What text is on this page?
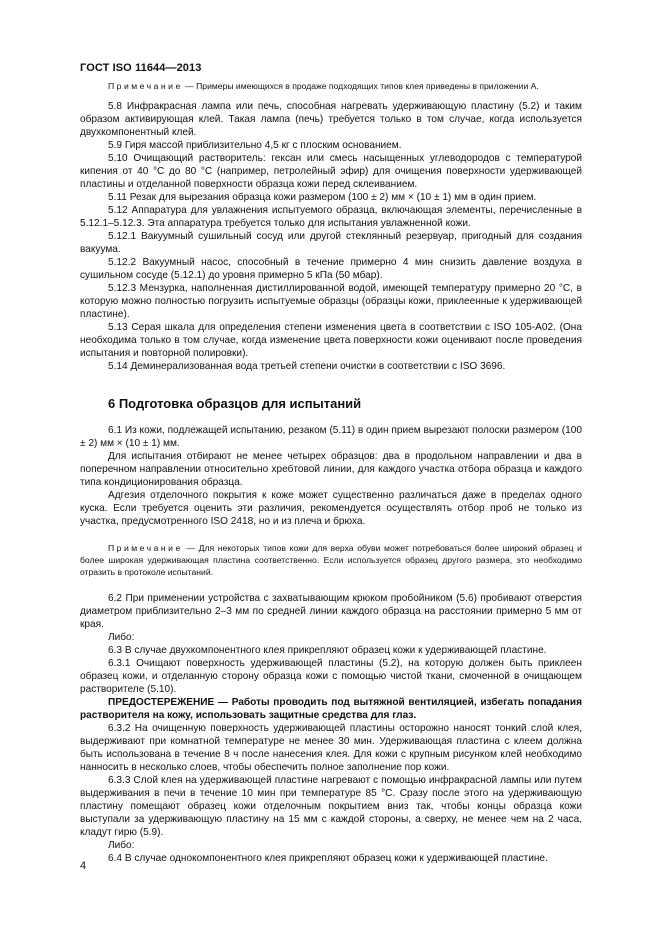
ГОСТ ISO 11644—2013

Примечание — Примеры имеющихся в продаже подходящих типов клея приведены в приложении А.

5.8 Инфракрасная лампа или печь, способная нагревать удерживающую пластину (5.2) и таким образом активирующая клей. Такая лампа (печь) требуется только в том случае, когда используется двухкомпонентный клей.

5.9 Гиря массой приблизительно 4,5 кг с плоским основанием.

5.10 Очищающий растворитель: гексан или смесь насыщенных углеводородов с температурой кипения от 40 °С до 80 °С (например, петролейный эфир) для очищения поверхности удерживающей пластины и отделанной поверхности образца кожи перед склеиванием.

5.11 Резак для вырезания образца кожи размером (100 ± 2) мм × (10 ± 1) мм в один прием.

5.12 Аппаратура для увлажнения испытуемого образца, включающая элементы, перечисленные в 5.12.1–5.12.3. Эта аппаратура требуется только для испытания увлажненной кожи.

5.12.1 Вакуумный сушильный сосуд или другой стеклянный резервуар, пригодный для создания вакуума.

5.12.2 Вакуумный насос, способный в течение примерно 4 мин снизить давление воздуха в сушильном сосуде (5.12.1) до уровня примерно 5 кПа (50 мбар).

5.12.3 Мензурка, наполненная дистиллированной водой, имеющей температуру примерно 20 °С, в которую можно полностью погрузить испытуемые образцы (образцы кожи, приклеенные к удерживающей пластине).

5.13 Серая шкала для определения степени изменения цвета в соответствии с ISO 105-A02. (Она необходима только в том случае, когда изменение цвета поверхности кожи оценивают после проведения испытания и повторной полировки).

5.14 Деминерализованная вода третьей степени очистки в соответствии с ISO 3696.

6 Подготовка образцов для испытаний

6.1 Из кожи, подлежащей испытанию, резаком (5.11) в один прием вырезают полоски размером (100 ± 2) мм × (10 ± 1) мм.

Для испытания отбирают не менее четырех образцов: два в продольном направлении и два в поперечном направлении относительно хребтовой линии, для каждого участка отбора образца и каждого типа кондиционирования образца.

Адгезия отделочного покрытия к коже может существенно различаться даже в пределах одного куска. Если требуется оценить эти различия, рекомендуется осуществлять отбор проб не только из участка, предусмотренного ISO 2418, но и из плеча и брюха.

Примечание — Для некоторых типов кожи для верха обуви может потребоваться более широкий образец и более широкая удерживающая пластина соответственно. Если используется образец другого размера, это необходимо отразить в протоколе испытаний.

6.2 При применении устройства с захватывающим крюком пробойником (5.6) пробивают отверстия диаметром приблизительно 2–3 мм по средней линии каждого образца на расстоянии примерно 5 мм от края.

Либо:

6.3 В случае двухкомпонентного клея прикрепляют образец кожи к удерживающей пластине.

6.3.1 Очищают поверхность удерживающей пластины (5.2), на которую должен быть приклеен образец кожи, и отделанную сторону образца кожи с помощью чистой ткани, смоченной в очищающем растворителе (5.10).

ПРЕДОСТЕРЕЖЕНИЕ — Работы проводить под вытяжной вентиляцией, избегать попадания растворителя на кожу, использовать защитные средства для глаз.

6.3.2 На очищенную поверхность удерживающей пластины осторожно наносят тонкий слой клея, выдерживают при комнатной температуре не менее 30 мин. Удерживающая пластина с клеем должна быть использована в течение 8 ч после нанесения клея. Для кожи с крупным рисунком клей необходимо нанносить в несколько слоев, чтобы обеспечить полное заполнение пор кожи.

6.3.3 Слой клея на удерживающей пластине нагревают с помощью инфракрасной лампы или путем выдерживания в печи в течение 10 мин при температуре 85 °С. Сразу после этого на удерживающую пластину помещают образец кожи отделочным покрытием вниз так, чтобы концы образца кожи выступали за удерживающую пластину на 15 мм с каждой стороны, а сверху, не менее чем на 2 часа, кладут гирю (5.9).

Либо:

6.4 В случае однокомпонентного клея прикрепляют образец кожи к удерживающей пластине.

4
